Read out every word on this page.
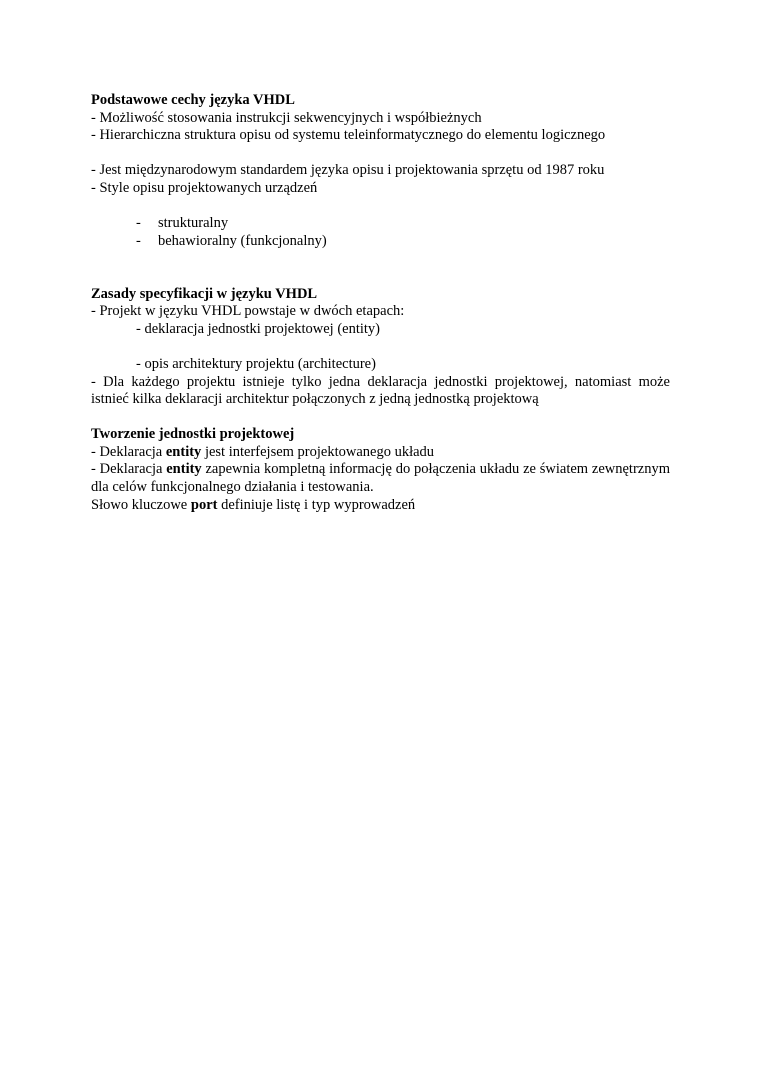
Podstawowe cechy języka VHDL

- Możliwość stosowania instrukcji sekwencyjnych i współbieżnych

- Hierarchiczna struktura opisu od systemu teleinformatycznego do elementu logicznego

- Jest międzynarodowym standardem języka opisu i projektowania sprzętu od 1987 roku

- Style opisu projektowanych urządzeń

- strukturalny
- behawioralny (funkcjonalny)

Zasady specyfikacji w języku VHDL

- Projekt w języku VHDL powstaje w dwóch etapach:

- deklaracja jednostki projektowej (entity)

- opis architektury projektu (architecture)

- Dla każdego projektu istnieje tylko jedna deklaracja jednostki projektowej, natomiast może istnieć kilka deklaracji architektur połączonych z jedną jednostką projektową

Tworzenie jednostki projektowej

- Deklaracja entity jest interfejsem projektowanego układu

- Deklaracja entity zapewnia kompletną informację do połączenia układu ze światem zewnętrznym dla celów funkcjonalnego działania i testowania.

Słowo kluczowe port definiuje listę i typ wyprowadzeń
